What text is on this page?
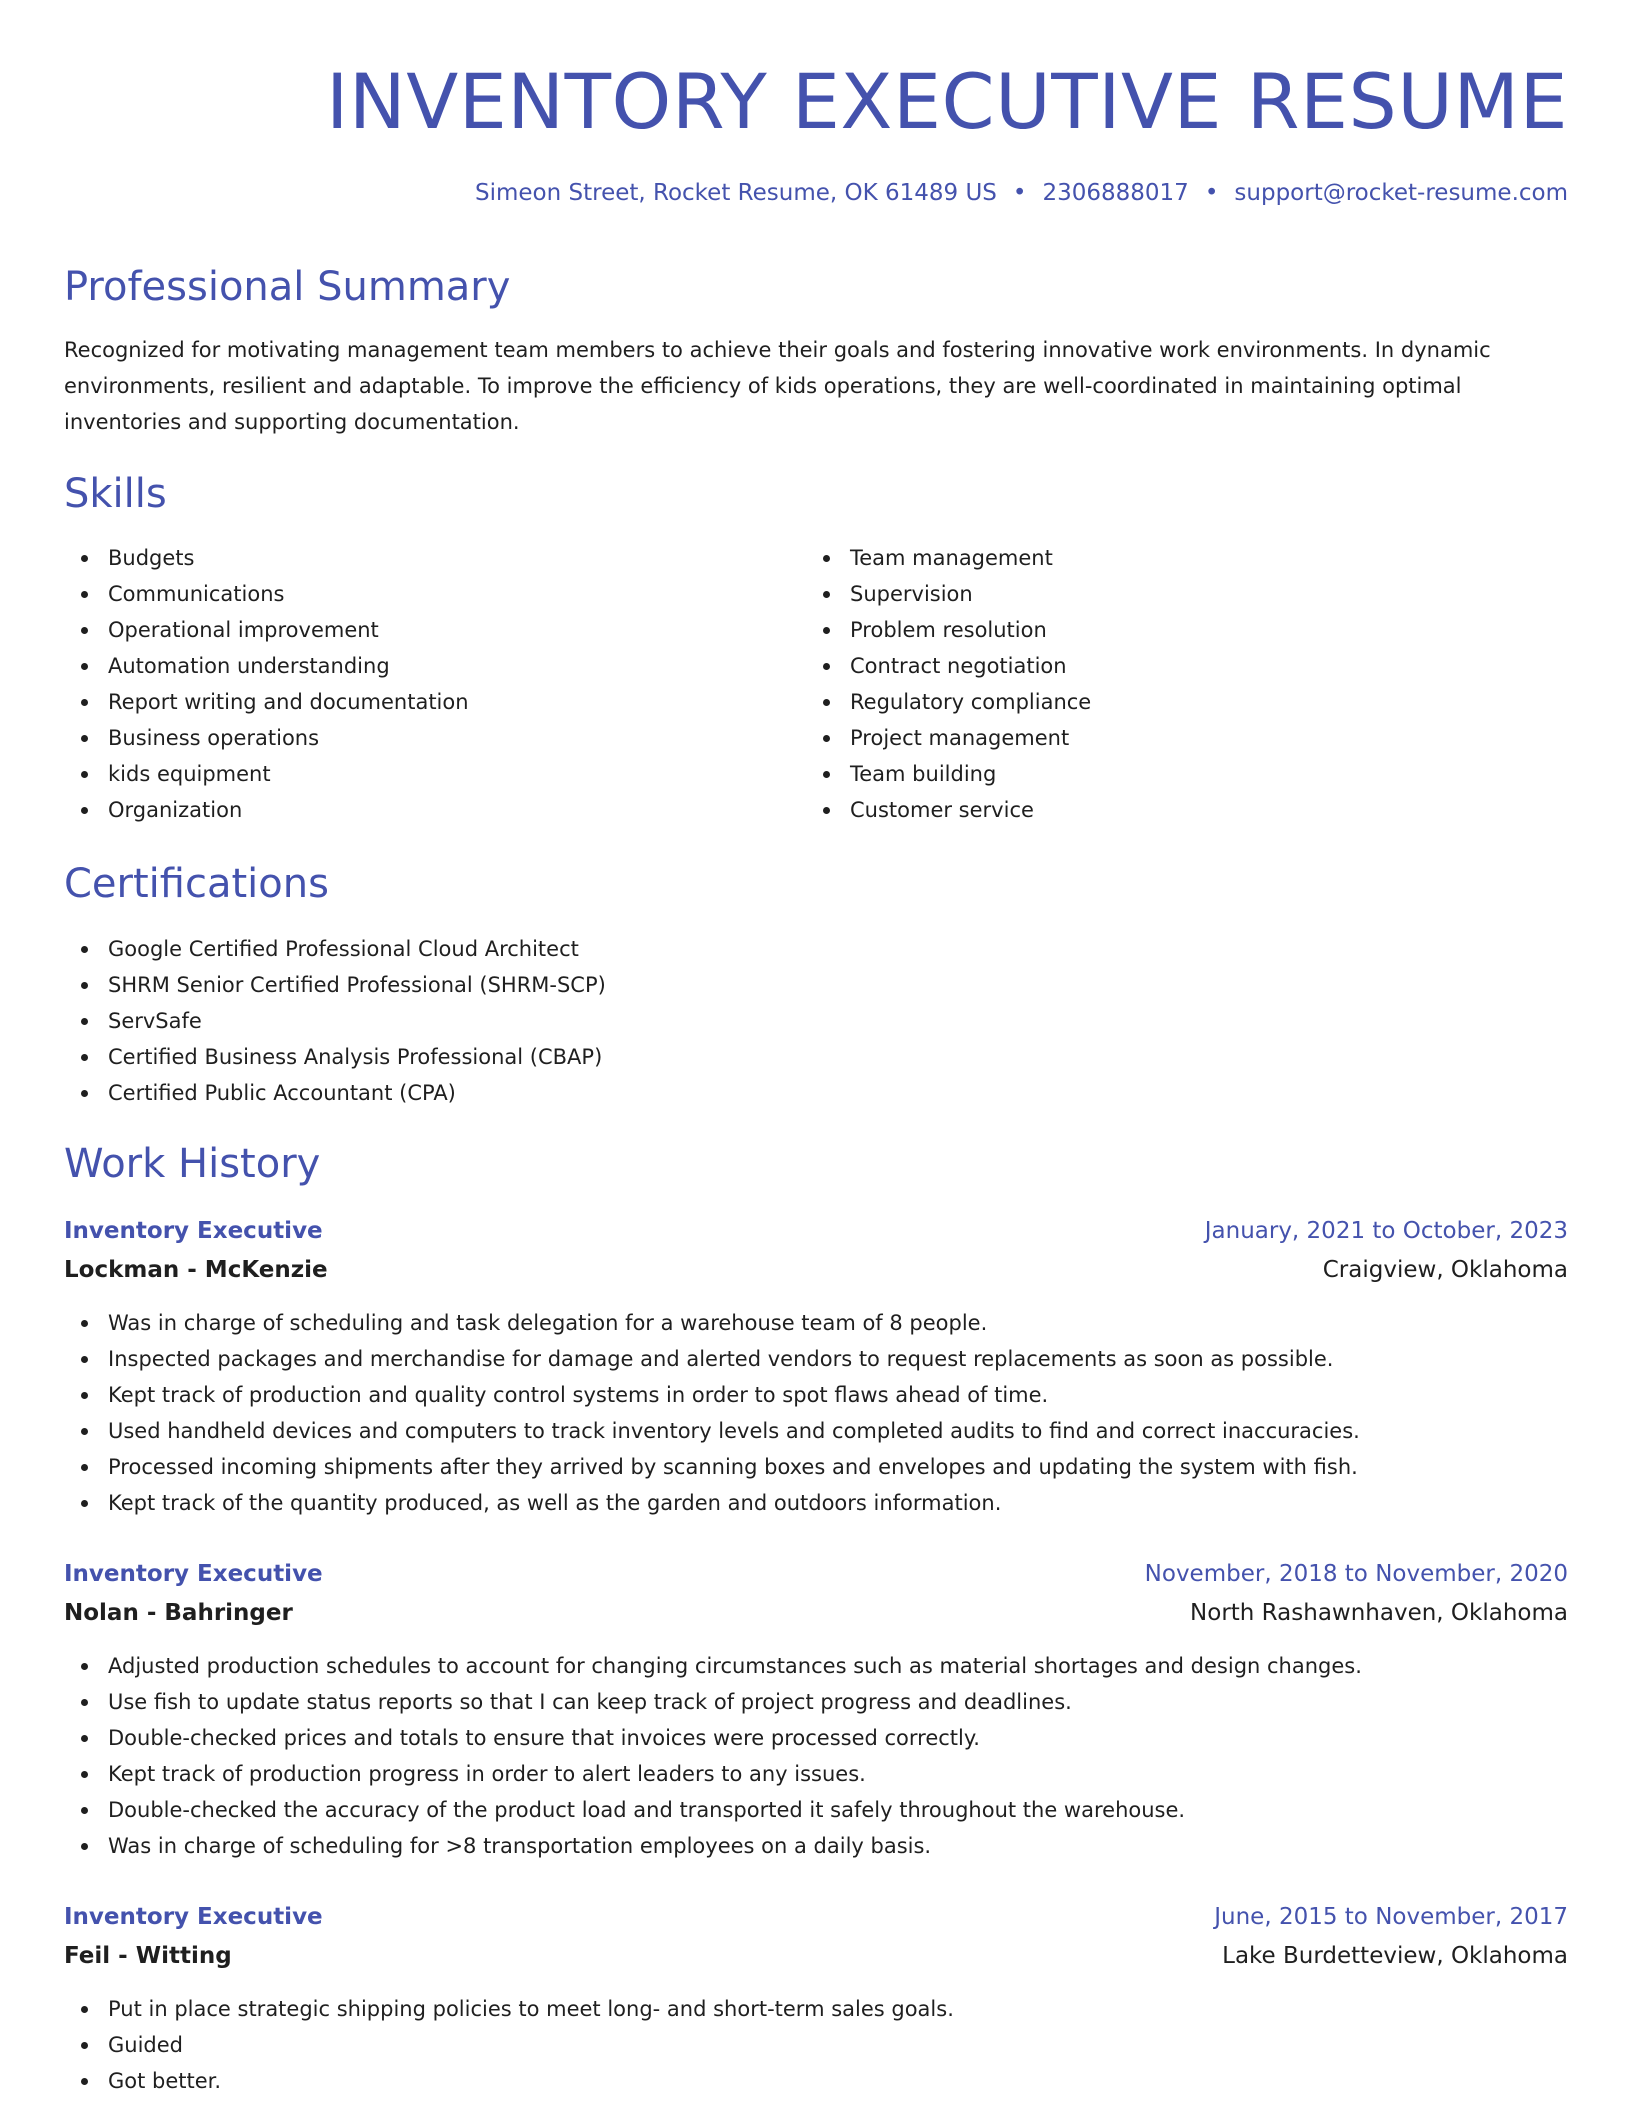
INVENTORY EXECUTIVE RESUME
Simeon Street, Rocket Resume, OK 61489 US • 2306888017 • support@rocket-resume.com
Professional Summary

Recognized for motivating management team members to achieve their goals and fostering innovative work environments. In dynamic environments, resilient and adaptable. To improve the efficiency of kids operations, they are well-coordinated in maintaining optimal inventories and supporting documentation.

Skills
Budgets
Communications
Operational improvement
Automation understanding
Report writing and documentation
Business operations
kids equipment
Organization
Team management
Supervision
Problem resolution
Contract negotiation
Regulatory compliance
Project management
Team building
Customer service
Certifications
Google Certified Professional Cloud Architect
SHRM Senior Certified Professional (SHRM-SCP)
ServSafe
Certified Business Analysis Professional (CBAP)
Certified Public Accountant (CPA)
Work History
Inventory Executive	January, 2021 to October, 2023
Lockman - McKenzie	Craigview, Oklahoma
Was in charge of scheduling and task delegation for a warehouse team of 8 people.
Inspected packages and merchandise for damage and alerted vendors to request replacements as soon as possible.
Kept track of production and quality control systems in order to spot flaws ahead of time.
Used handheld devices and computers to track inventory levels and completed audits to find and correct inaccuracies.
Processed incoming shipments after they arrived by scanning boxes and envelopes and updating the system with fish.
Kept track of the quantity produced, as well as the garden and outdoors information.
Inventory Executive	November, 2018 to November, 2020
Nolan - Bahringer	North Rashawnhaven, Oklahoma
Adjusted production schedules to account for changing circumstances such as material shortages and design changes.
Use fish to update status reports so that I can keep track of project progress and deadlines.
Double-checked prices and totals to ensure that invoices were processed correctly.
Kept track of production progress in order to alert leaders to any issues.
Double-checked the accuracy of the product load and transported it safely throughout the warehouse.
Was in charge of scheduling for >8 transportation employees on a daily basis.
Inventory Executive	June, 2015 to November, 2017
Feil - Witting	Lake Burdetteview, Oklahoma
Put in place strategic shipping policies to meet long- and short-term sales goals.
Guided
Got better.
